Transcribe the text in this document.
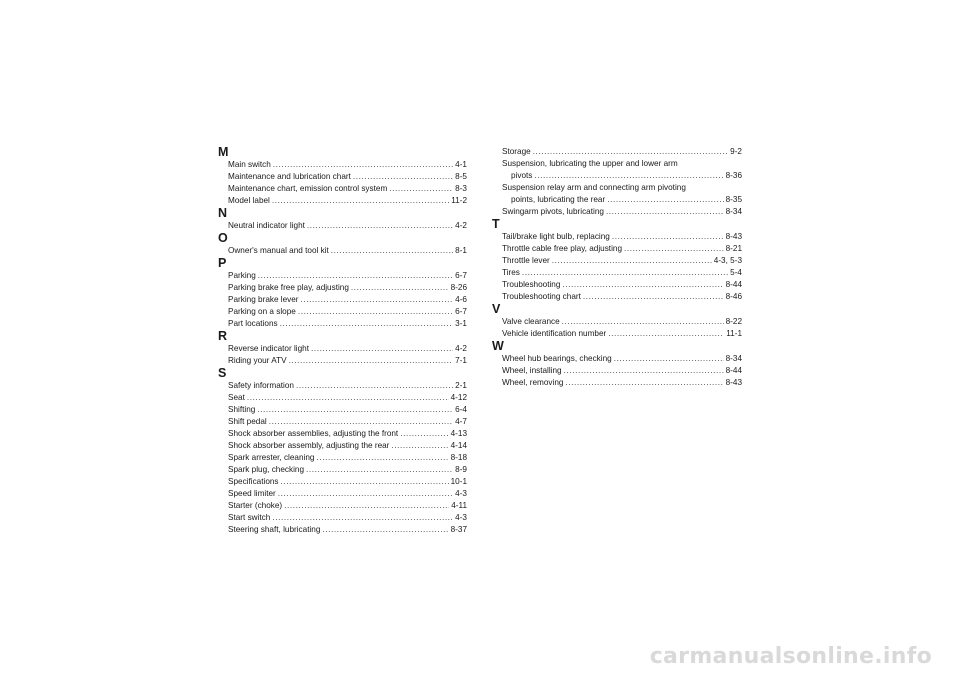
M
Main switch .....	4-1
Maintenance and lubrication chart .....	8-5
Maintenance chart, emission control system .....	8-3
Model label .....	11-2
N
Neutral indicator light .....	4-2
O
Owner's manual and tool kit .....	8-1
P
Parking .....	6-7
Parking brake free play, adjusting .....	8-26
Parking brake lever .....	4-6
Parking on a slope .....	6-7
Part locations .....	3-1
R
Reverse indicator light .....	4-2
Riding your ATV .....	7-1
S
Safety information .....	2-1
Seat .....	4-12
Shifting .....	6-4
Shift pedal .....	4-7
Shock absorber assemblies, adjusting the front .....	4-13
Shock absorber assembly, adjusting the rear .....	4-14
Spark arrester, cleaning .....	8-18
Spark plug, checking .....	8-9
Specifications .....	10-1
Speed limiter .....	4-3
Starter (choke) .....	4-11
Start switch .....	4-3
Steering shaft, lubricating .....	8-37
Storage .....	9-2
Suspension, lubricating the upper and lower arm
pivots .....	8-36
Suspension relay arm and connecting arm pivoting
points, lubricating the rear .....	8-35
Swingarm pivots, lubricating .....	8-34
T
Tail/brake light bulb, replacing .....	8-43
Throttle cable free play, adjusting .....	8-21
Throttle lever .....	4-3, 5-3
Tires .....	5-4
Troubleshooting .....	8-44
Troubleshooting chart .....	8-46
V
Valve clearance .....	8-22
Vehicle identification number .....	11-1
W
Wheel hub bearings, checking .....	8-34
Wheel, installing .....	8-44
Wheel, removing .....	8-43
carmanualsonline.info
